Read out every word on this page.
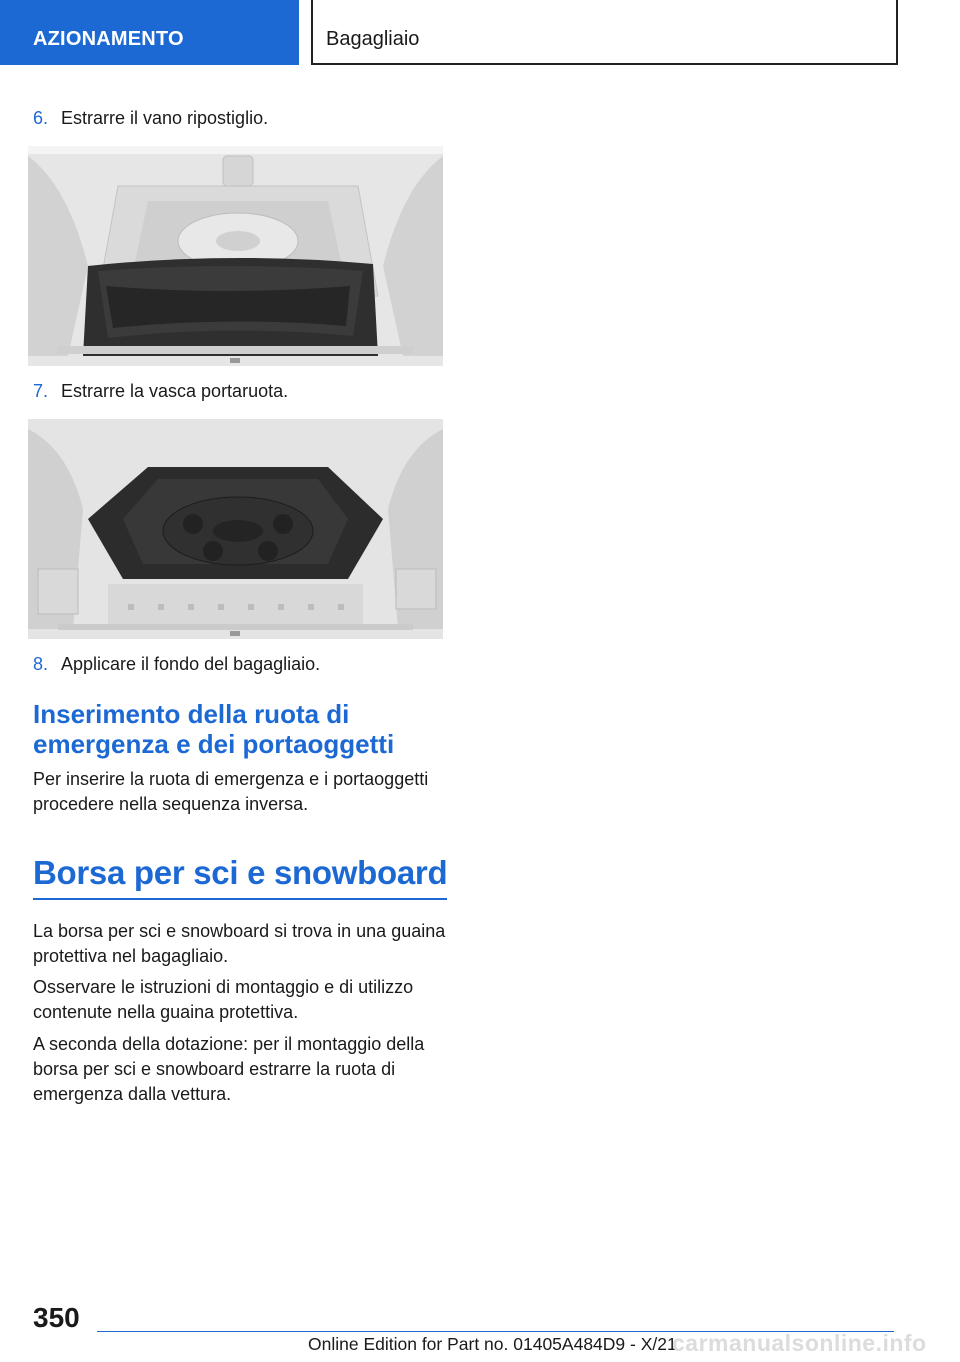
AZIONAMENTO	Bagagliaio
6. Estrarre il vano ripostiglio.
7. Estrarre la vasca portaruota.
8. Applicare il fondo del bagagliaio.
Inserimento della ruota di
emergenza e dei portaoggetti
Per inserire la ruota di emergenza e i portaoggetti procedere nella sequenza inversa.
Borsa per sci e snowboard
La borsa per sci e snowboard si trova in una guaina protettiva nel bagagliaio.
Osservare le istruzioni di montaggio e di utilizzo contenute nella guaina protettiva.
A seconda della dotazione: per il montaggio della borsa per sci e snowboard estrarre la ruota di emergenza dalla vettura.
350
Online Edition for Part no. 01405A484D9 - X/21
carmanualsonline.info
